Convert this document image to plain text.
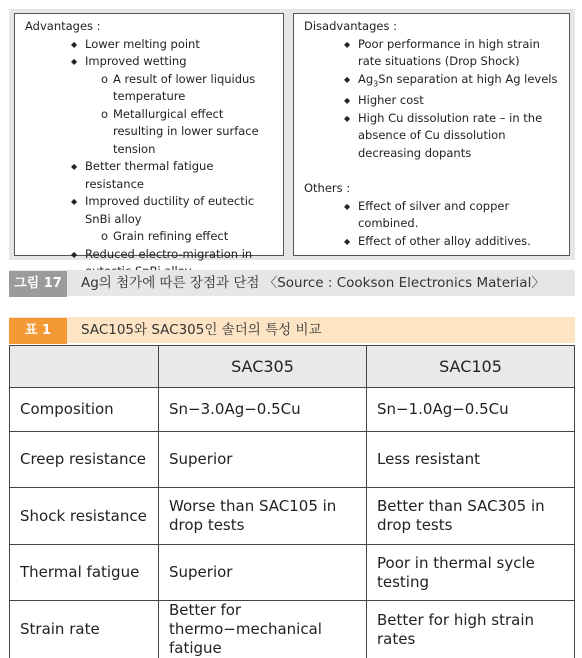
Advantages :
◆ Lower melting point
◆ Improved wetting
o A result of lower liquidus temperature
o Metallurgical effect resulting in lower surface tension
◆ Better thermal fatigue resistance
◆ Improved ductility of eutectic SnBi alloy
o Grain refining effect
◆ Reduced electro-migration in
Disadvantages :
◆ Poor performance in high strain rate situations (Drop Shock)
◆ $Ag_3Sn$ separation at high Ag levels
◆ Higher cost
◆ High Cu dissolution rate – in the absence of Cu dissolution decreasing dopants
Others :
◆ Effect of silver and copper combined.
◆ Effect of other alloy additives.
그림 17 Ag의 첨가에 따른 장점과 단점 〈Source : Cookson Electronics Material〉
표 1 SAC105와 SAC305인 솔더의 특성 비교
	SAC305	SAC105
Composition	Sn−3.0Ag−0.5Cu	Sn−1.0Ag−0.5Cu
Creep resistance	Superior	Less resistant
Shock resistance	Worse than SAC105 in drop tests	Better than SAC305 in drop tests
Thermal fatigue	Superior	Poor in thermal sycle testing
Strain rate	Better for thermo−mechanical fatigue	Better for high strain rates
